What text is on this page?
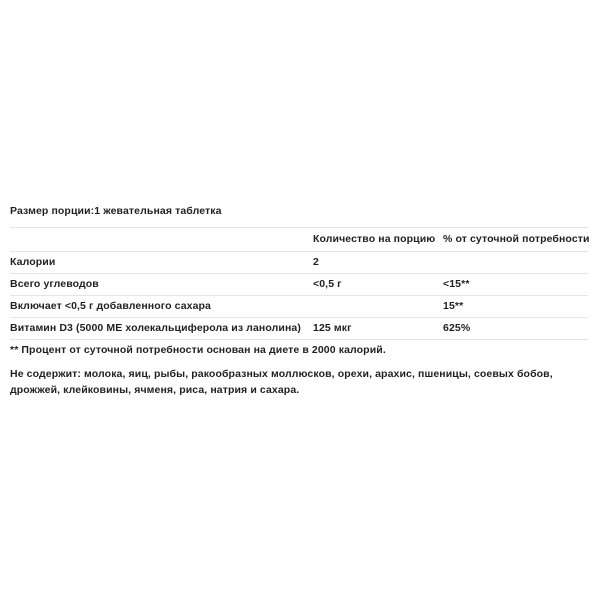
Размер порции:1 жевательная таблетка
	Количество на порцию	% от суточной потребности
Калории	2	
Всего углеводов	<0,5 г	<15**
Включает <0,5 г добавленного сахара		15**
Витамин D3 (5000 МЕ холекальциферола из ланолина)	125 мкг	625%
** Процент от суточной потребности основан на диете в 2000 калорий.
Не содержит: молока, яиц, рыбы, ракообразных моллюсков, орехи, арахис, пшеницы, соевых бобов, дрожжей, клейковины, ячменя, риса, натрия и сахара.
